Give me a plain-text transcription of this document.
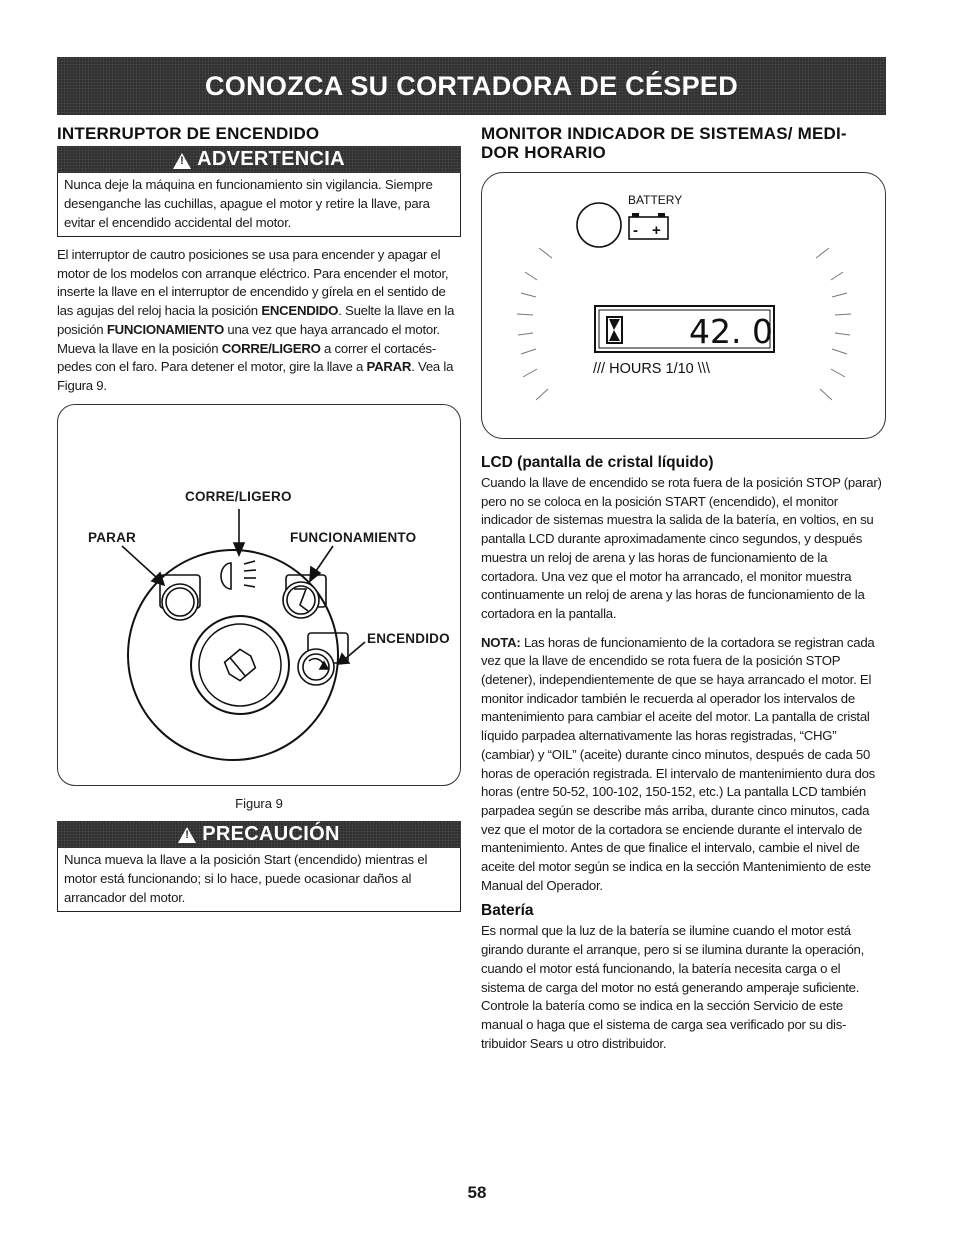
CONOZCA SU CORTADORA DE CÉSPED
INTERRUPTOR DE ENCENDIDO
!
ADVERTENCIA
Nunca deje la máquina en funcionamiento sin vigilancia. Siempre desenganche las cuchillas, apague el motor y retire la llave, para evitar el encendido accidental del motor.

El interruptor de cautro posiciones se usa para encender y apagar el motor de los modelos con arranque eléctrico. Para encender el motor, inserte la llave en el interruptor de encendido y gírela en el sentido de las agujas del reloj hacia la posición ENCENDIDO. Suelte la llave en la posición FUNCIONAMIENTO una vez que haya arrancado el motor. Mueva la llave en la posición CORRE/LIGERO a correr el cortacés-pedes con el faro. Para detener el motor, gire la llave a PARAR. Vea la Figura 9.

CORRE/LIGERO
PARAR	FUNCIONAMIENTO
ENCENDIDO
Figura 9
!
PRECAUCIÓN
Nunca mueva la llave a la posición Start (encendido) mientras el motor está funcionando; si lo hace, puede ocasionar daños al arrancador del motor.
MONITOR INDICADOR DE SISTEMAS/ MEDI-
DOR HORARIO
BATTERY
- +
42. 0
/// HOURS 1/10 \\\
LCD (pantalla de cristal líquido)

Cuando la llave de encendido se rota fuera de la posición STOP (parar) pero no se coloca en la posición START (encendido), el monitor indicador de sistemas muestra la salida de la batería, en voltios, en su pantalla LCD durante aproximadamente cinco segundos, y después muestra un reloj de arena y las horas de funcionamiento de la cortadora. Una vez que el motor ha arrancado, el monitor muestra continuamente un reloj de arena y las horas de funcionamiento de la cortadora en la pantalla.

NOTA: Las horas de funcionamiento de la cortadora se registran cada vez que la llave de encendido se rota fuera de la posición STOP (detener), independientemente de que se haya arrancado el motor. El monitor indicador también le recuerda al operador los intervalos de mantenimiento para cambiar el aceite del motor. La pantalla de cristal líquido parpadea alternativamente las horas registradas, “CHG” (cambiar) y “OIL” (aceite) durante cinco minutos, después de cada 50 horas de operación registrada. El intervalo de mantenimiento dura dos horas (entre 50-52, 100-102, 150-152, etc.) La pantalla LCD también parpadea según se describe más arriba, durante cinco minutos, cada vez que el motor de la cortadora se enciende durante el intervalo de mantenimiento. Antes de que finalice el intervalo, cambie el nivel de aceite del motor según se indica en la sección Mantenimiento de este Manual del Operador.

Batería

Es normal que la luz de la batería se ilumine cuando el motor está girando durante el arranque, pero si se ilumina durante la operación, cuando el motor está funcionando, la batería necesita carga o el sistema de carga del motor no está generando amperaje suficiente. Controle la batería como se indica en la sección Servicio de este manual o haga que el sistema de carga sea verificado por su dis-tribuidor Sears u otro distribuidor.

58
